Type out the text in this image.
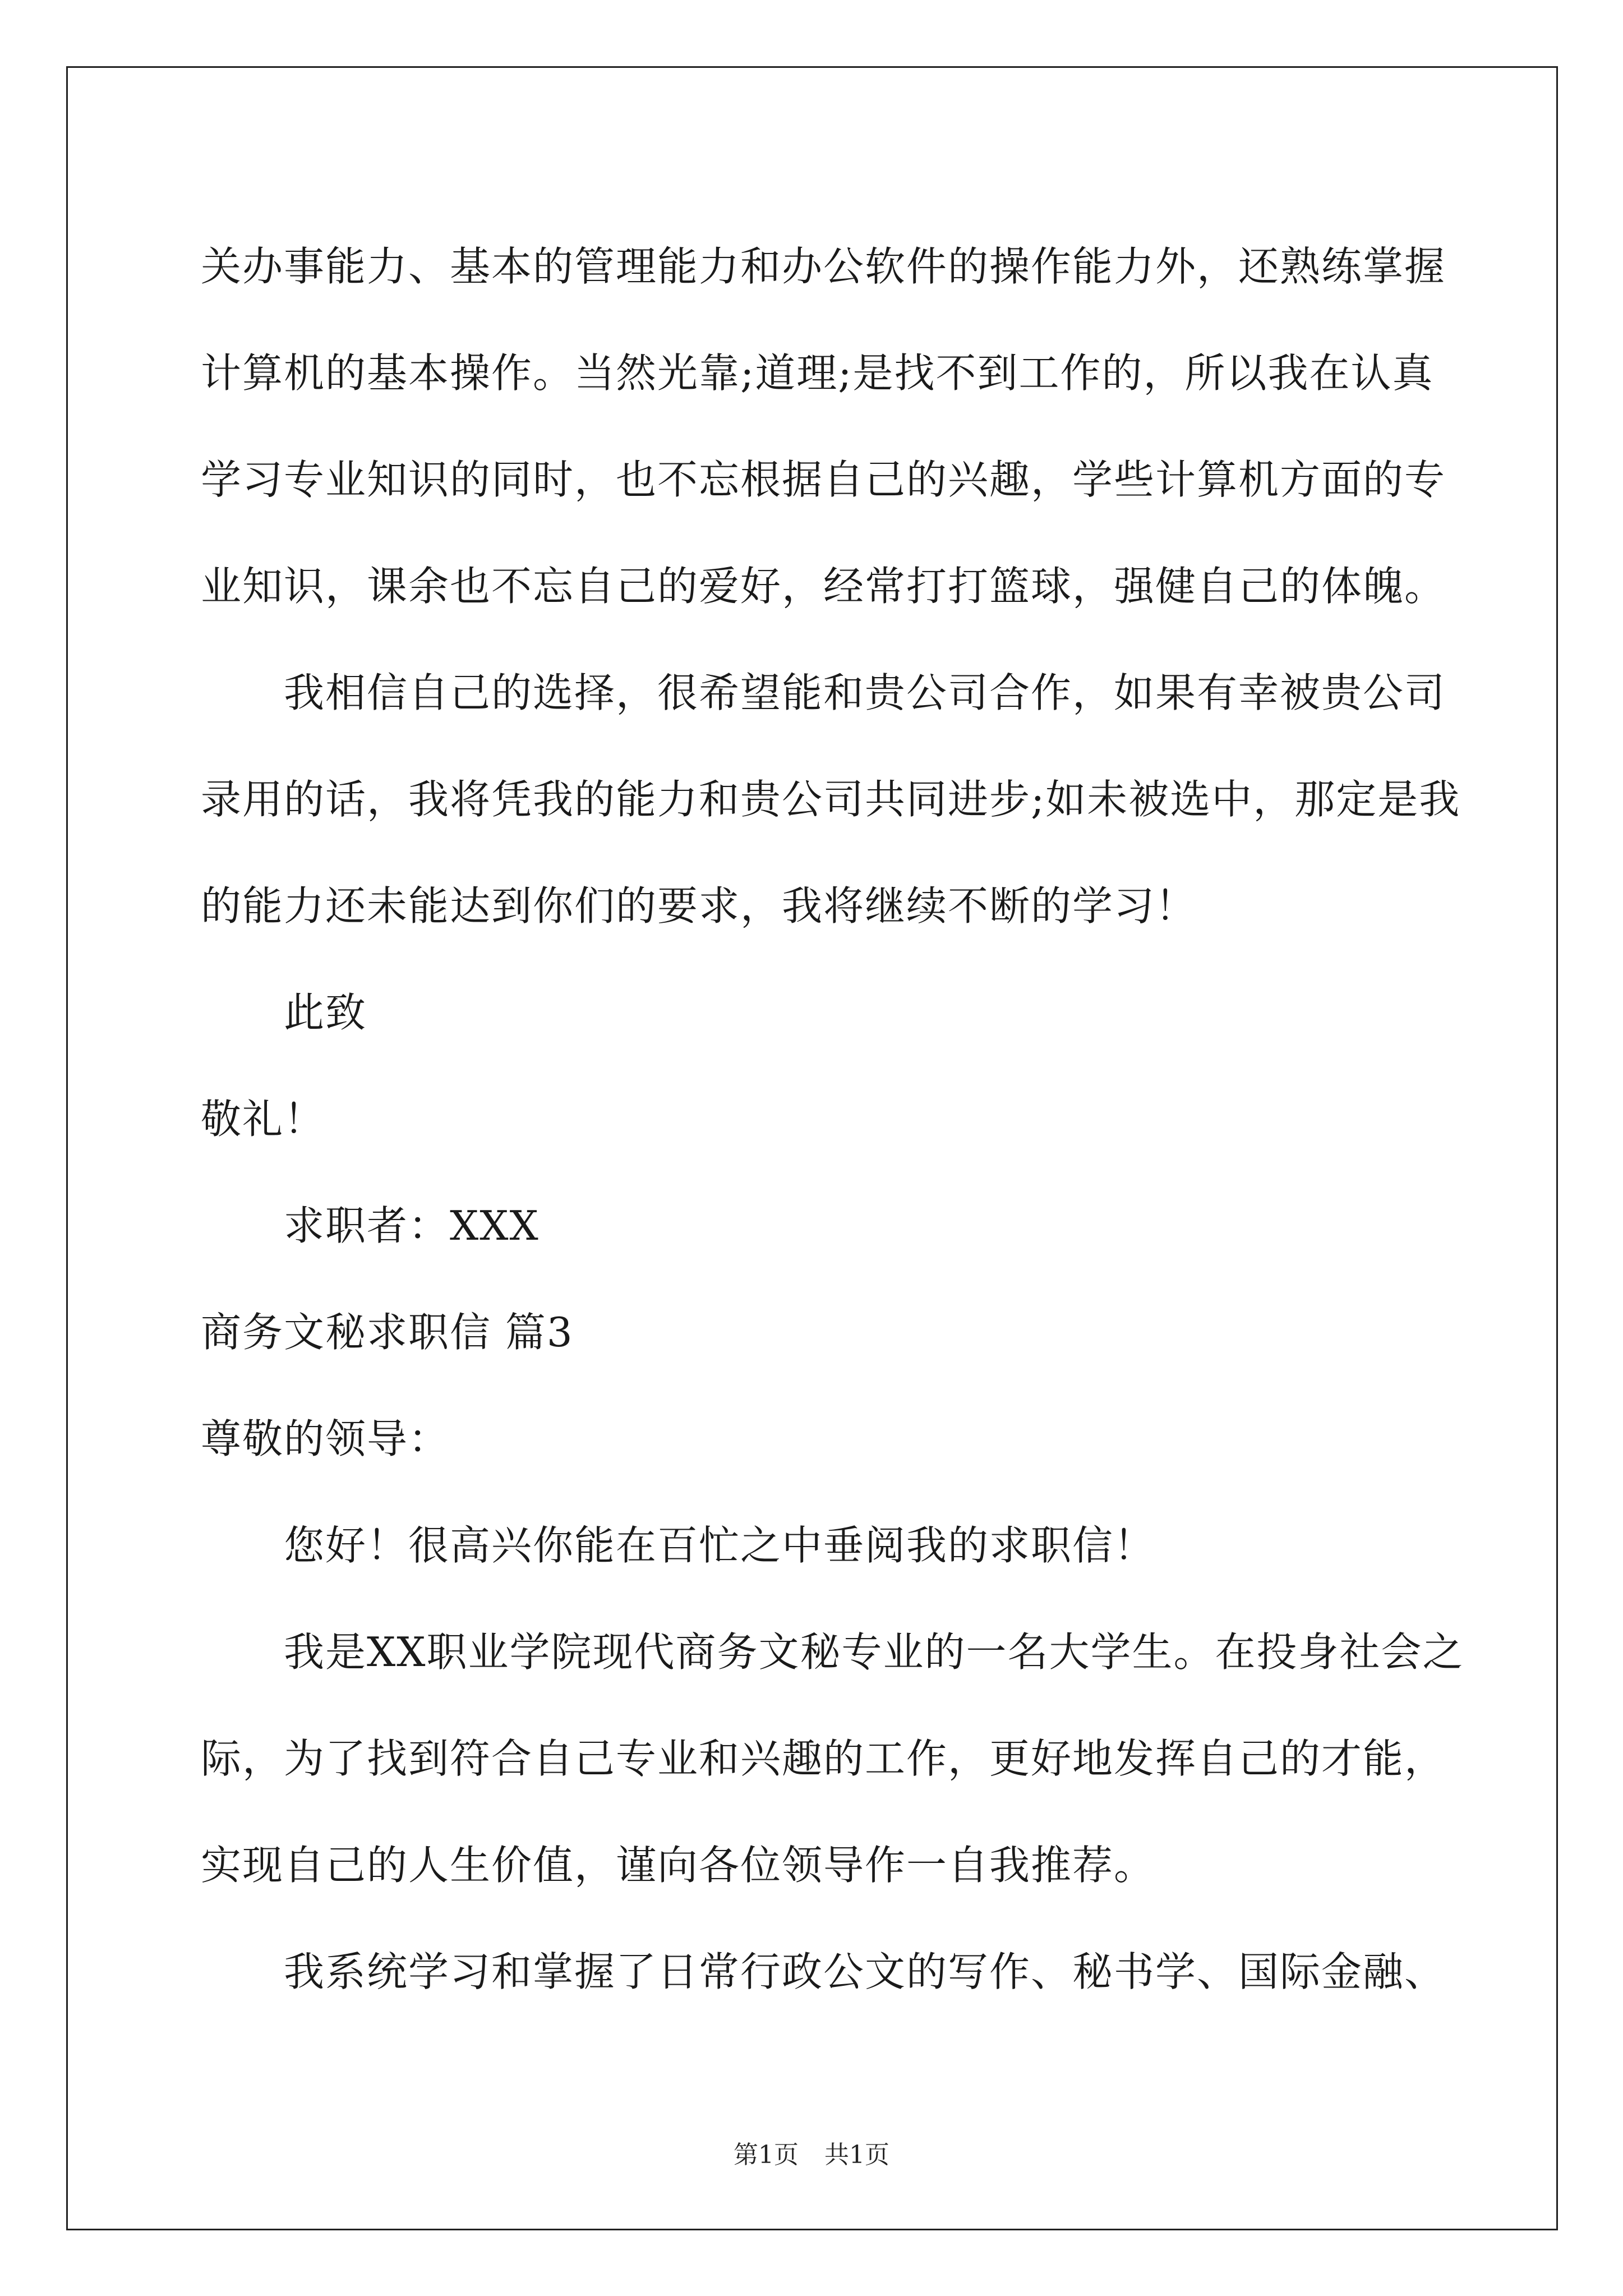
关办事能力、基本的管理能力和办公软件的操作能力外，还熟练掌握

计算机的基本操作。当然光靠;道理;是找不到工作的，所以我在认真

学习专业知识的同时，也不忘根据自己的兴趣，学些计算机方面的专

业知识，课余也不忘自己的爱好，经常打打篮球，强健自己的体魄。

我相信自己的选择，很希望能和贵公司合作，如果有幸被贵公司

录用的话，我将凭我的能力和贵公司共同进步;如未被选中，那定是我

的能力还未能达到你们的要求，我将继续不断的学习！

此致

敬礼！

求职者：XXX

商务文秘求职信 篇3

尊敬的领导：

您好！很高兴你能在百忙之中垂阅我的求职信！

我是XX职业学院现代商务文秘专业的一名大学生。在投身社会之

际，为了找到符合自己专业和兴趣的工作，更好地发挥自己的才能，

实现自己的人生价值，谨向各位领导作一自我推荐。

我系统学习和掌握了日常行政公文的写作、秘书学、国际金融、

第1页 共1页
